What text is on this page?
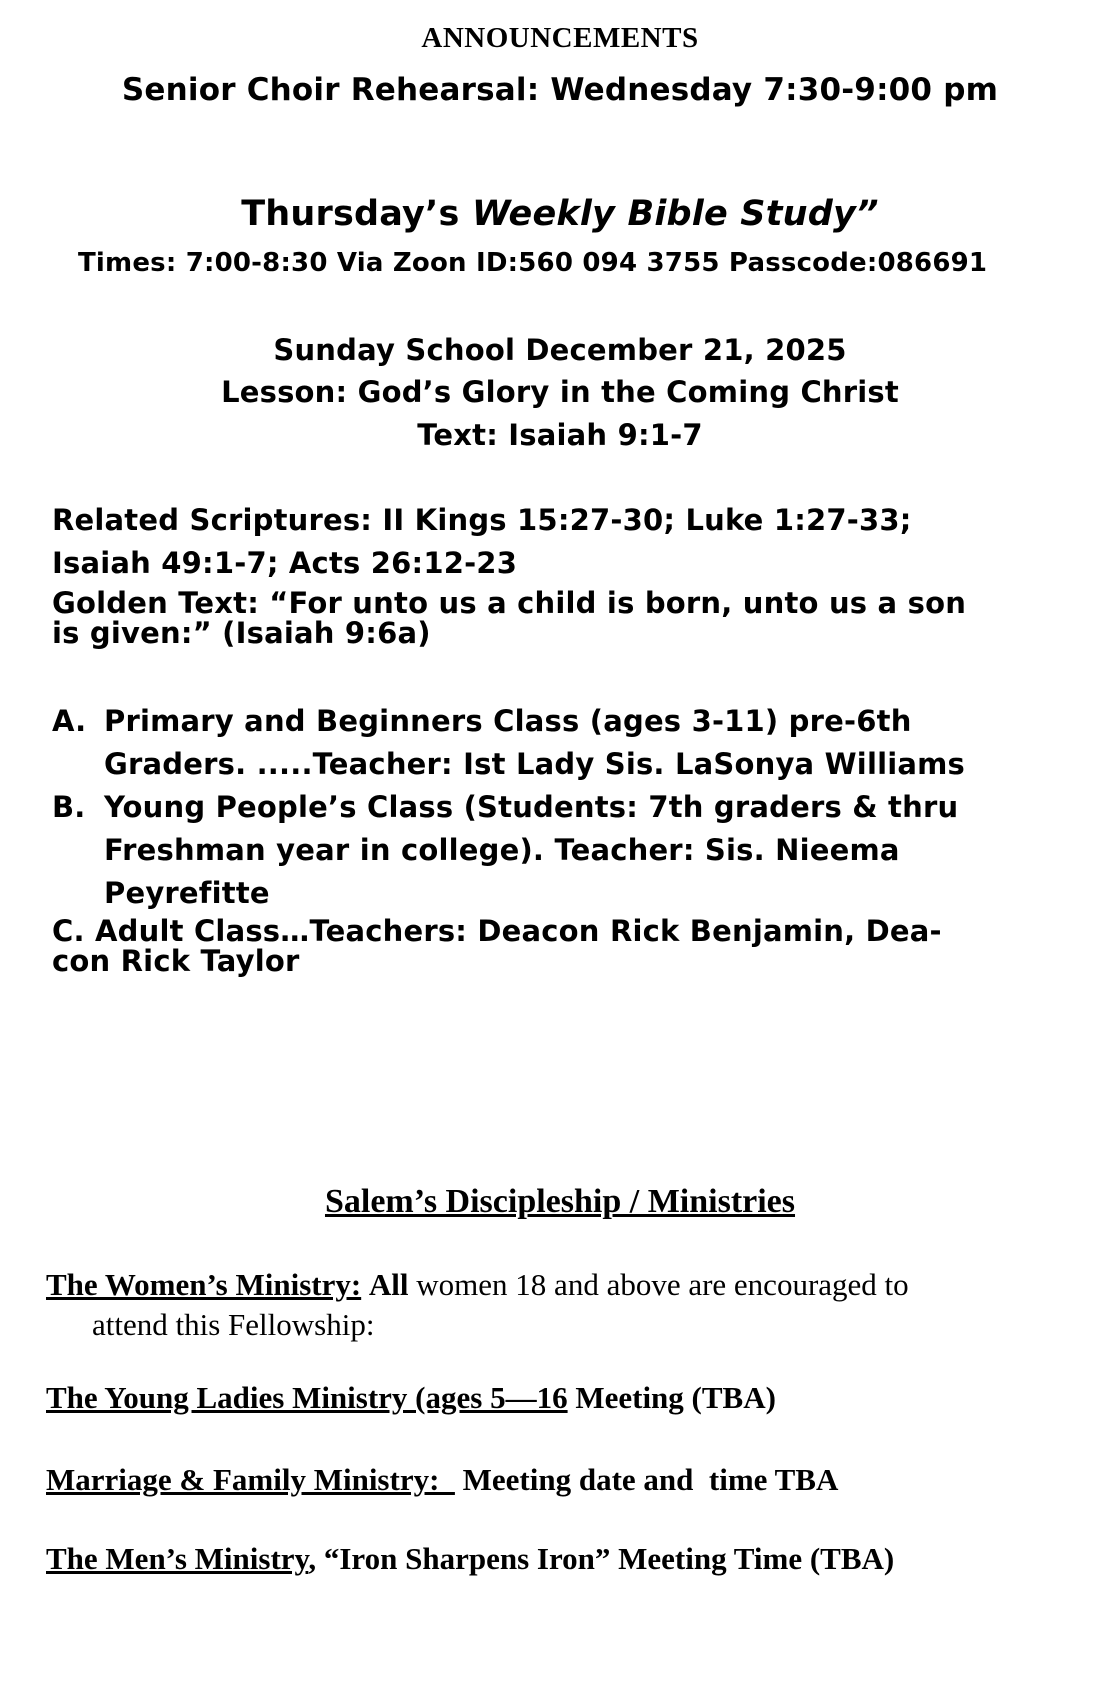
ANNOUNCEMENTS
Senior Choir Rehearsal: Wednesday 7:30-9:00 pm
Thursday’s Weekly Bible Study”
Times: 7:00-8:30 Via Zoon ID:560 094 3755 Passcode:086691
Sunday School December 21, 2025
Lesson: God’s Glory in the Coming Christ
Text: Isaiah 9:1-7
Related Scriptures: II Kings 15:27-30; Luke 1:27-33;
Isaiah 49:1-7; Acts 26:12-23
Golden Text: “For unto us a child is born, unto us a son
is given:” (Isaiah 9:6a)
A. Primary and Beginners Class (ages 3-11) pre-6th
Graders. .....Teacher: Ist Lady Sis. LaSonya Williams
B. Young People’s Class (Students: 7th graders & thru
Freshman year in college). Teacher: Sis. Nieema
Peyrefitte
C. Adult Class…Teachers: Deacon Rick Benjamin, Dea-
con Rick Taylor
Salem’s Discipleship / Ministries
The Women’s Ministry: All women 18 and above are encouraged to
attend this Fellowship:
The Young Ladies Ministry (ages 5—16 Meeting (TBA)
Marriage & Family Ministry:   Meeting date and  time TBA
The Men’s Ministry, “Iron Sharpens Iron” Meeting Time (TBA)
